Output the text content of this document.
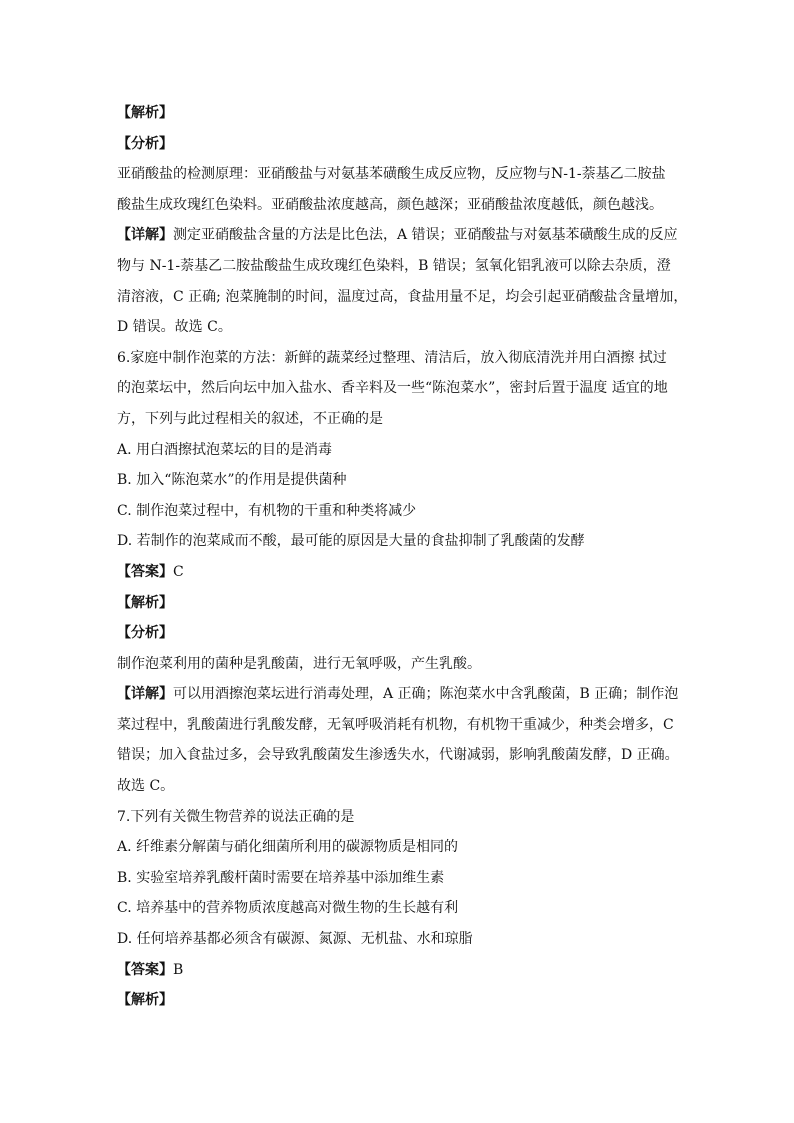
【解析】
【分析】
亚硝酸盐的检测原理：亚硝酸盐与对氨基苯磺酸生成反应物，反应物与N-1-萘基乙二胺盐
酸盐生成玫瑰红色染料。亚硝酸盐浓度越高，颜色越深；亚硝酸盐浓度越低，颜色越浅。
【详解】测定亚硝酸盐含量的方法是比色法，A 错误；亚硝酸盐与对氨基苯磺酸生成的反应
物与 N-1-萘基乙二胺盐酸盐生成玫瑰红色染料，B 错误；氢氧化铝乳液可以除去杂质，澄
清溶液，C 正确; 泡菜腌制的时间，温度过高，食盐用量不足，均会引起亚硝酸盐含量增加，
D 错误。故选 C。
6.家庭中制作泡菜的方法：新鲜的蔬菜经过整理、清洁后，放入彻底清洗并用白酒擦 拭过
的泡菜坛中，然后向坛中加入盐水、香辛料及一些“陈泡菜水”，密封后置于温度 适宜的地
方，下列与此过程相关的叙述，不正确的是
A. 用白酒擦拭泡菜坛的目的是消毒
B. 加入“陈泡菜水”的作用是提供菌种
C. 制作泡菜过程中，有机物的干重和种类将减少
D. 若制作的泡菜咸而不酸，最可能的原因是大量的食盐抑制了乳酸菌的发酵
【答案】C
【解析】
【分析】
制作泡菜利用的菌种是乳酸菌，进行无氧呼吸，产生乳酸。
【详解】可以用酒擦泡菜坛进行消毒处理，A 正确；陈泡菜水中含乳酸菌，B 正确；制作泡
菜过程中，乳酸菌进行乳酸发酵，无氧呼吸消耗有机物，有机物干重减少，种类会增多，C
错误；加入食盐过多，会导致乳酸菌发生渗透失水，代谢减弱，影响乳酸菌发酵，D 正确。
故选 C。
7.下列有关微生物营养的说法正确的是
A. 纤维素分解菌与硝化细菌所利用的碳源物质是相同的
B. 实验室培养乳酸杆菌时需要在培养基中添加维生素
C. 培养基中的营养物质浓度越高对微生物的生长越有利
D. 任何培养基都必须含有碳源、氮源、无机盐、水和琼脂
【答案】B
【解析】
